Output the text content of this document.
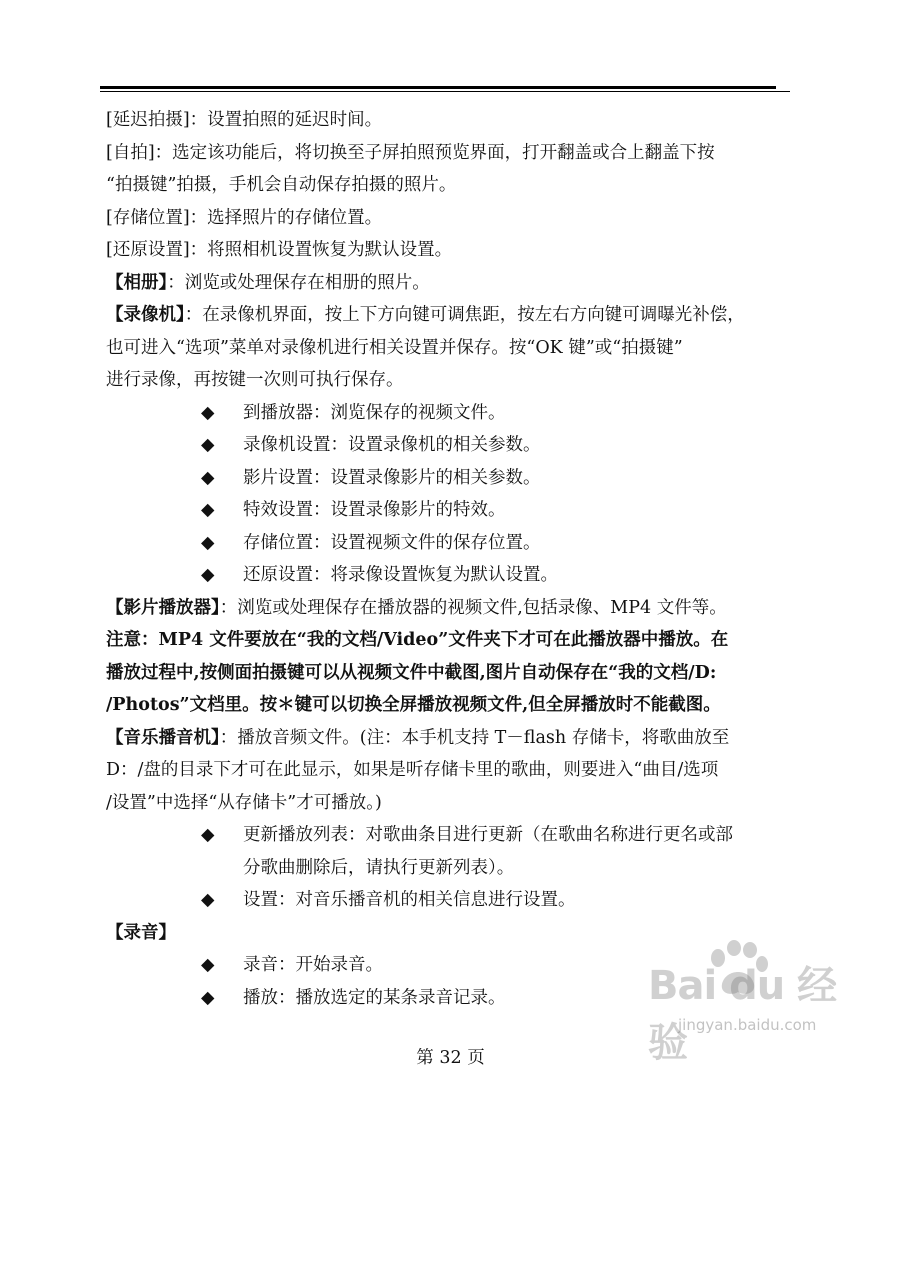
[延迟拍摄]：设置拍照的延迟时间。
[自拍]：选定该功能后，将切换至子屏拍照预览界面，打开翻盖或合上翻盖下按
“拍摄键”拍摄，手机会自动保存拍摄的照片。
[存储位置]：选择照片的存储位置。
[还原设置]：将照相机设置恢复为默认设置。
【相册】：浏览或处理保存在相册的照片。
【录像机】：在录像机界面，按上下方向键可调焦距，按左右方向键可调曝光补偿，
也可进入“选项”菜单对录像机进行相关设置并保存。按“OK 键”或“拍摄键”
进行录像，再按键一次则可执行保存。
◆ 到播放器：浏览保存的视频文件。
◆ 录像机设置：设置录像机的相关参数。
◆ 影片设置：设置录像影片的相关参数。
◆ 特效设置：设置录像影片的特效。
◆ 存储位置：设置视频文件的保存位置。
◆ 还原设置：将录像设置恢复为默认设置。
【影片播放器】：浏览或处理保存在播放器的视频文件,包括录像、MP4 文件等。
注意：MP4 文件要放在“我的文档/Video”文件夹下才可在此播放器中播放。在
播放过程中,按侧面拍摄键可以从视频文件中截图,图片自动保存在“我的文档/D:
/Photos”文档里。按＊键可以切换全屏播放视频文件,但全屏播放时不能截图。
【音乐播音机】：播放音频文件。(注：本手机支持 T－flash 存储卡，将歌曲放至
D：/盘的目录下才可在此显示，如果是听存储卡里的歌曲，则要进入“曲目/选项
/设置”中选择“从存储卡”才可播放。)
◆ 更新播放列表：对歌曲条目进行更新（在歌曲名称进行更名或部
分歌曲删除后，请执行更新列表）。
◆ 设置：对音乐播音机的相关信息进行设置。
【录音】
◆ 录音：开始录音。
◆ 播放：播放选定的某条录音记录。
第 32 页
Bai du 经验
jingyan.baidu.com
